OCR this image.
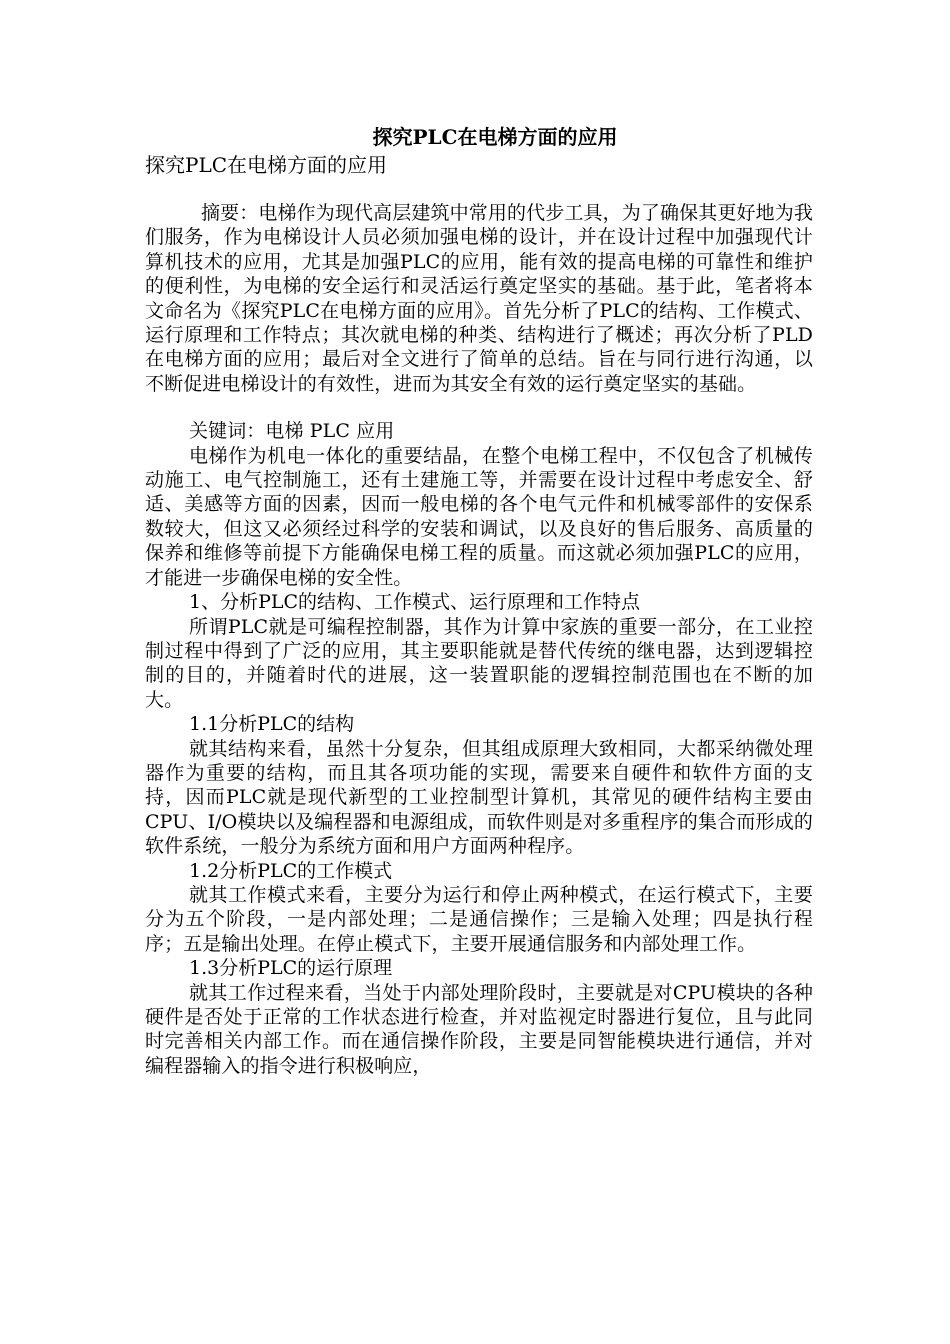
探究PLC在电梯方面的应用

探究PLC在电梯方面的应用

摘要：电梯作为现代高层建筑中常用的代步工具，为了确保其更好地为我们服务，作为电梯设计人员必须加强电梯的设计，并在设计过程中加强现代计算机技术的应用，尤其是加强PLC的应用，能有效的提高电梯的可靠性和维护的便利性，为电梯的安全运行和灵活运行奠定坚实的基础。基于此，笔者将本文命名为《探究PLC在电梯方面的应用》。首先分析了PLC的结构、工作模式、运行原理和工作特点；其次就电梯的种类、结构进行了概述；再次分析了PLD在电梯方面的应用；最后对全文进行了简单的总结。旨在与同行进行沟通，以不断促进电梯设计的有效性，进而为其安全有效的运行奠定坚实的基础。

关键词：电梯 PLC 应用

电梯作为机电一体化的重要结晶，在整个电梯工程中，不仅包含了机械传动施工、电气控制施工，还有土建施工等，并需要在设计过程中考虑安全、舒适、美感等方面的因素，因而一般电梯的各个电气元件和机械零部件的安保系数较大，但这又必须经过科学的安装和调试，以及良好的售后服务、高质量的保养和维修等前提下方能确保电梯工程的质量。而这就必须加强PLC的应用，才能进一步确保电梯的安全性。

1、分析PLC的结构、工作模式、运行原理和工作特点

所谓PLC就是可编程控制器，其作为计算中家族的重要一部分，在工业控制过程中得到了广泛的应用，其主要职能就是替代传统的继电器，达到逻辑控制的目的，并随着时代的进展，这一装置职能的逻辑控制范围也在不断的加大。

1.1分析PLC的结构

就其结构来看，虽然十分复杂，但其组成原理大致相同，大都采纳微处理器作为重要的结构，而且其各项功能的实现，需要来自硬件和软件方面的支持，因而PLC就是现代新型的工业控制型计算机，其常见的硬件结构主要由CPU、I/O模块以及编程器和电源组成，而软件则是对多重程序的集合而形成的软件系统，一般分为系统方面和用户方面两种程序。

1.2分析PLC的工作模式

就其工作模式来看，主要分为运行和停止两种模式，在运行模式下，主要分为五个阶段，一是内部处理；二是通信操作；三是输入处理；四是执行程序；五是输出处理。在停止模式下，主要开展通信服务和内部处理工作。

1.3分析PLC的运行原理

就其工作过程来看，当处于内部处理阶段时，主要就是对CPU模块的各种硬件是否处于正常的工作状态进行检查，并对监视定时器进行复位，且与此同时完善相关内部工作。而在通信操作阶段，主要是同智能模块进行通信，并对编程器输入的指令进行积极响应，
